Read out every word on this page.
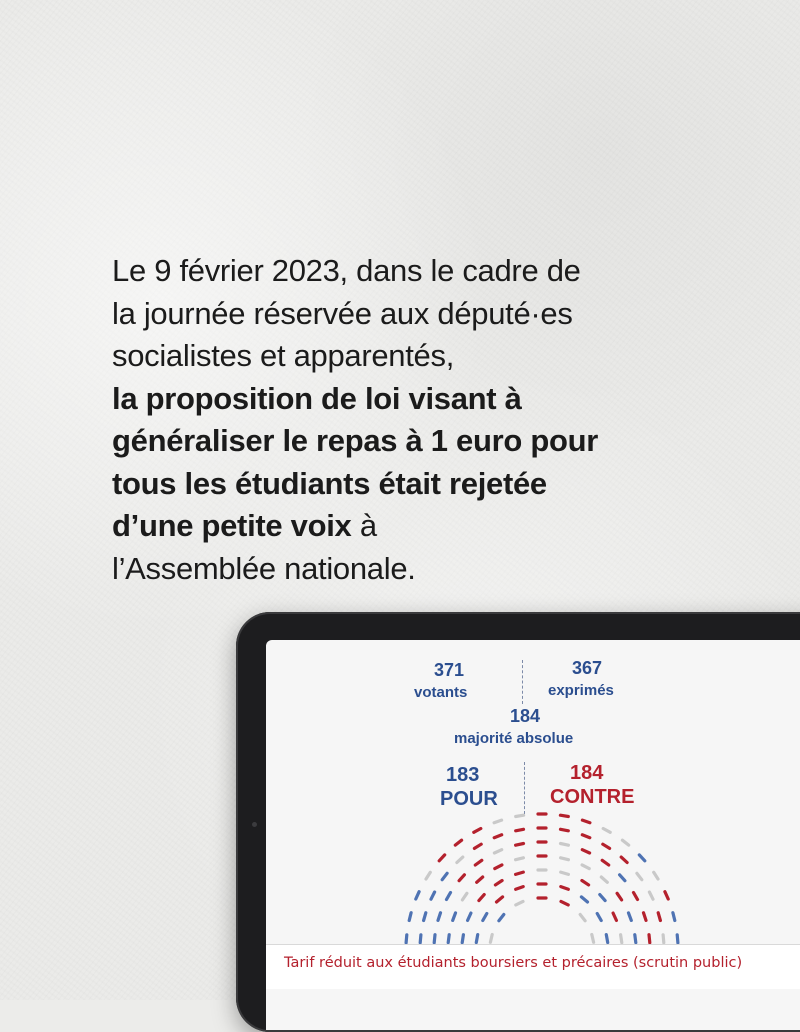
Le 9 février 2023, dans le cadre de
la journée réservée aux député·es
socialistes et apparentés,
la proposition de loi visant à
généraliser le repas à 1 euro pour
tous les étudiants était rejetée
d’une petite voix à
l’Assemblée nationale.
371
votants
367
exprimés
184
majorité absolue
183
POUR
184
CONTRE
Tarif réduit aux étudiants boursiers et précaires (scrutin public)
